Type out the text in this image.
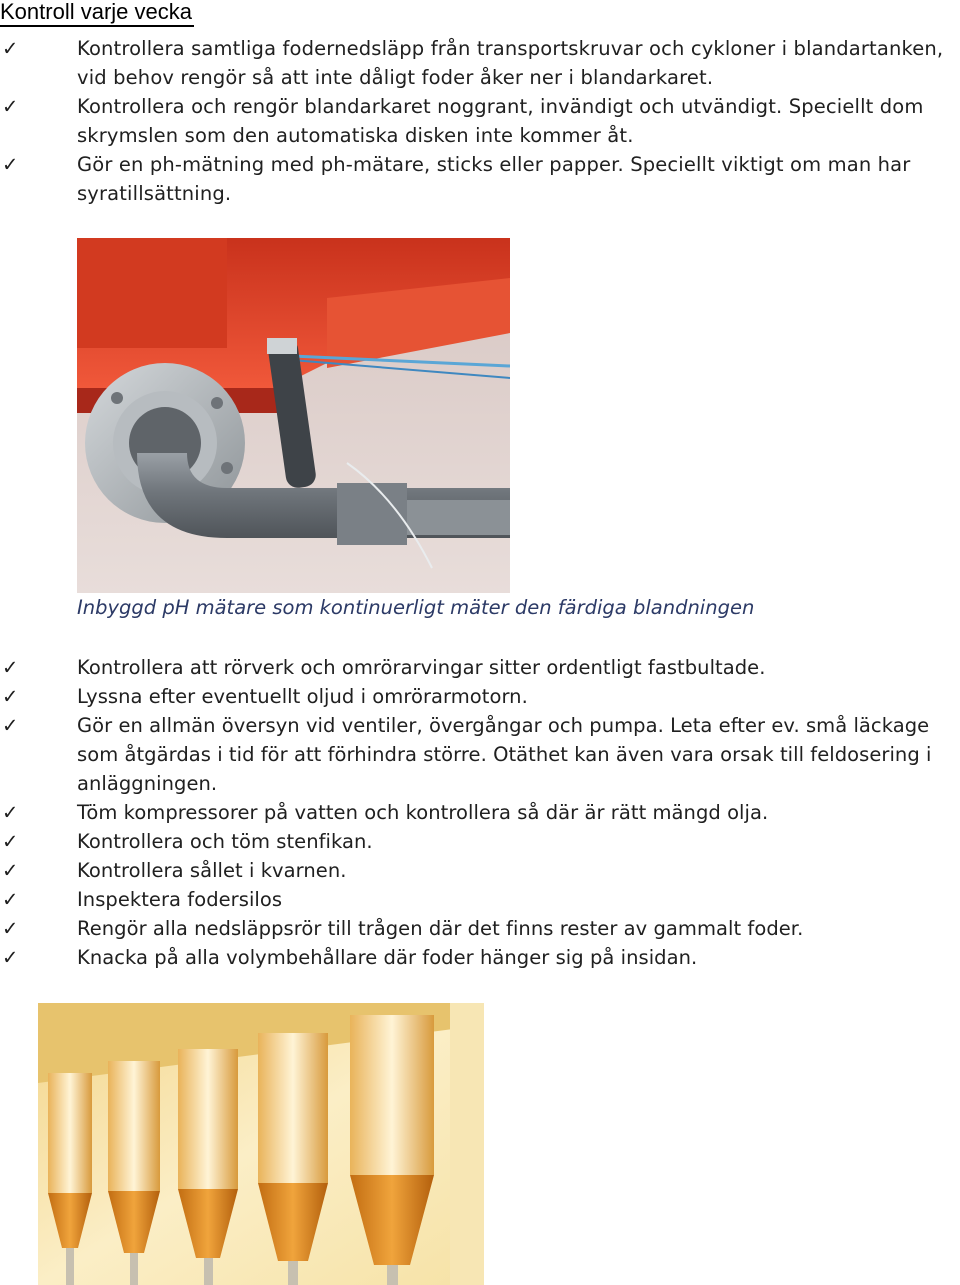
Kontroll varje vecka
✓	Kontrollera samtliga fodernedsläpp från transportskruvar och cykloner i blandartanken, vid behov rengör så att inte dåligt foder åker ner i blandarkaret.
✓	Kontrollera och rengör blandarkaret noggrant, invändigt och utvändigt. Speciellt dom skrymslen som den automatiska disken inte kommer åt.
✓	Gör en ph-mätning med ph-mätare, sticks eller papper. Speciellt viktigt om man har syratillsättning.
Inbyggd pH mätare som kontinuerligt mäter den färdiga blandningen
✓	Kontrollera att rörverk och omrörarvingar sitter ordentligt fastbultade.
✓	Lyssna efter eventuellt oljud i omrörarmotorn.
✓	Gör en allmän översyn vid ventiler, övergångar och pumpa. Leta efter ev. små läckage som åtgärdas i tid för att förhindra större. Otäthet kan även vara orsak till feldosering i anläggningen.
✓	Töm kompressorer på vatten och kontrollera så där är rätt mängd olja.
✓	Kontrollera och töm stenfikan.
✓	Kontrollera sållet i kvarnen.
✓	Inspektera fodersilos
✓	Rengör alla nedsläppsrör till trågen där det finns rester av gammalt foder.
✓	Knacka på alla volymbehållare där foder hänger sig på insidan.
